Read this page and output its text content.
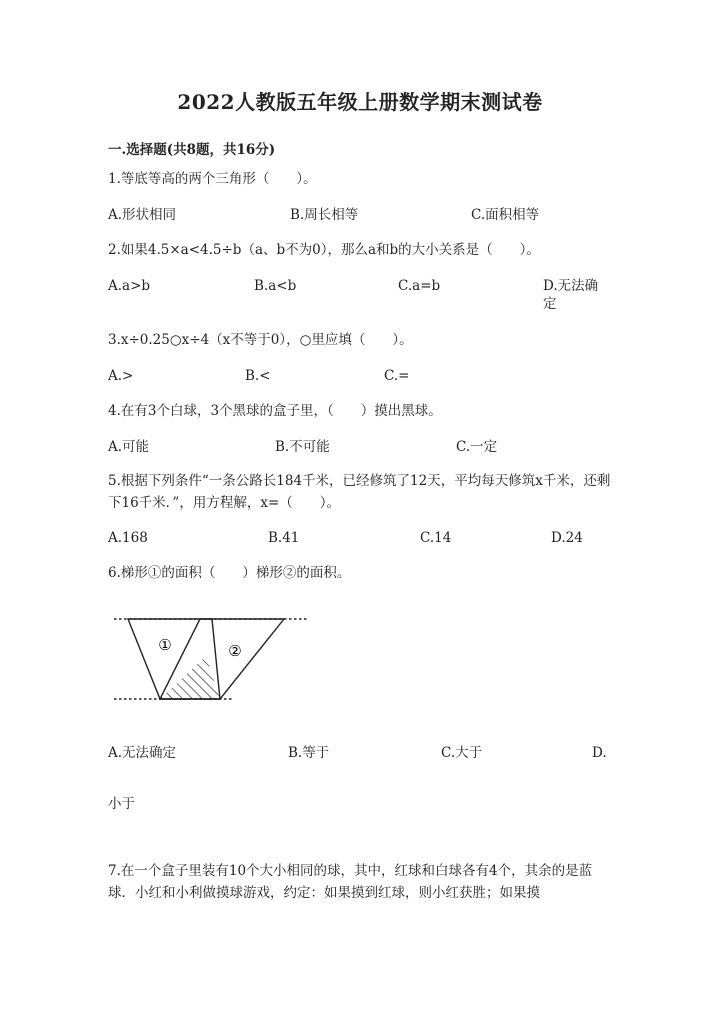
2022人教版五年级上册数学期末测试卷
一.选择题(共8题，共16分)
1.等底等高的两个三角形（　　）。
A.形状相同	B.周长相等	C.面积相等
2.如果4.5×a<4.5÷b（a、b不为0），那么a和b的大小关系是（　　）。
A.a>b	B.a<b	C.a=b	D.无法确定
3.x÷0.25○x÷4（x不等于0），○里应填（　　）。
A.>	B.<	C.=
4.在有3个白球，3个黑球的盒子里，（　　）摸出黑球。
A.可能	B.不可能	C.一定
5.根据下列条件“一条公路长184千米，已经修筑了12天，平均每天修筑x千米，还剩下16千米．”，用方程解，x=（　　）。
A.168	B.41	C.14	D.24
6.梯形①的面积（　　）梯形②的面积。
①	②
A.无法确定	B.等于	C.大于	D.
小于
7.在一个盒子里装有10个大小相同的球，其中，红球和白球各有4个，其余的是蓝球．小红和小利做摸球游戏，约定：如果摸到红球，则小红获胜；如果摸
